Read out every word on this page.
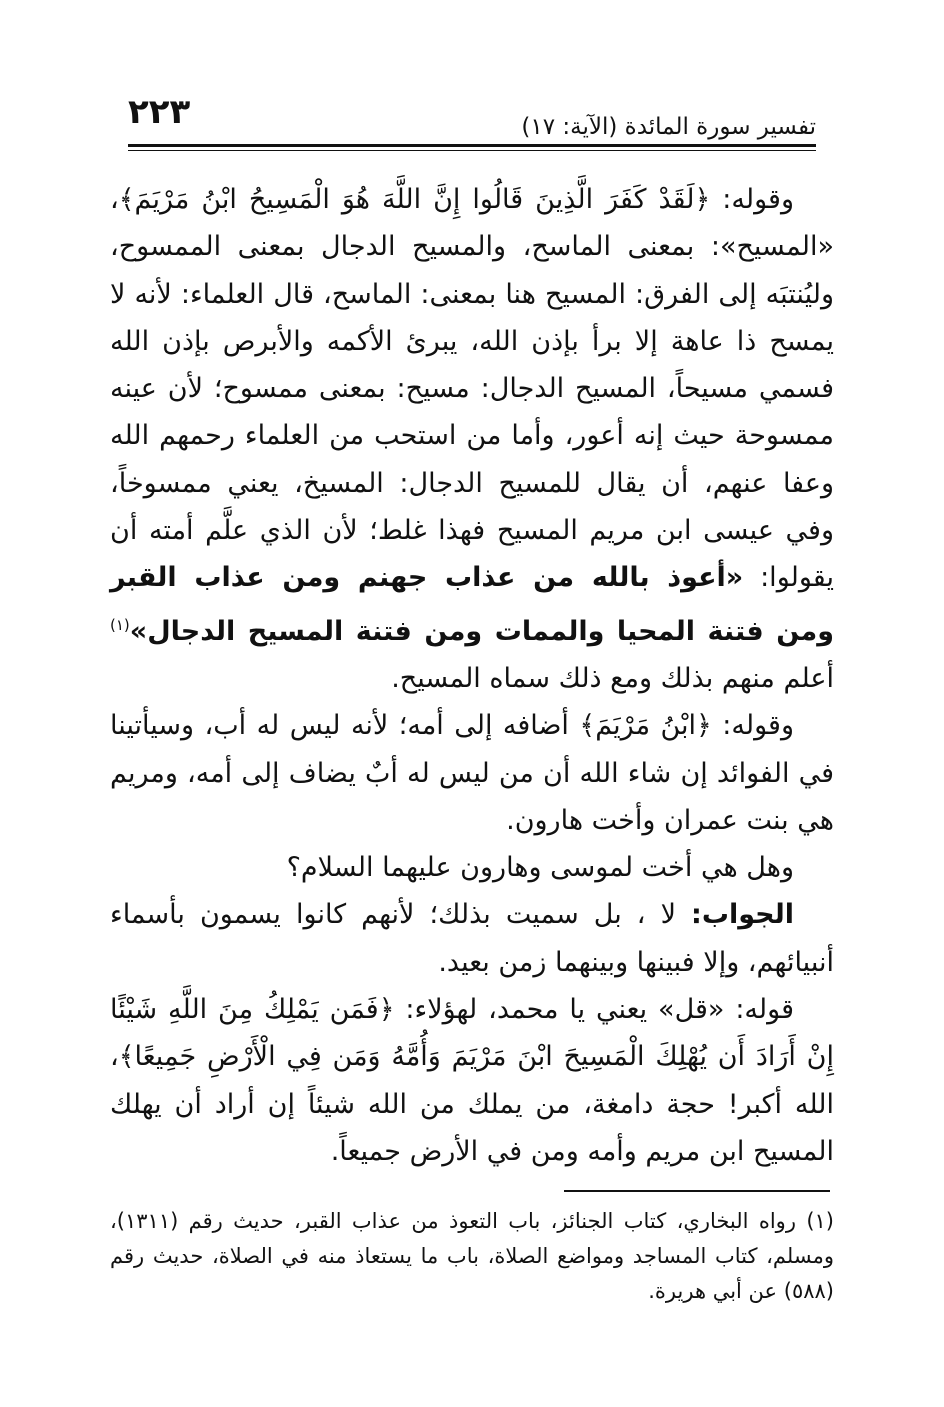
تفسير سورة المائدة (الآية: ١٧)
٢٢٣

وقوله: ﴿لَقَدْ كَفَرَ الَّذِينَ قَالُوا إِنَّ اللَّهَ هُوَ الْمَسِيحُ ابْنُ مَرْيَمَ﴾، «المسيح»: بمعنى الماسح، والمسيح الدجال بمعنى الممسوح، وليُنتبَه إلى الفرق: المسيح هنا بمعنى: الماسح، قال العلماء: لأنه لا يمسح ذا عاهة إلا برأ بإذن الله، يبرئ الأكمه والأبرص بإذن الله فسمي مسيحاً، المسيح الدجال: مسيح: بمعنى ممسوح؛ لأن عينه ممسوحة حيث إنه أعور، وأما من استحب من العلماء رحمهم الله وعفا عنهم، أن يقال للمسيح الدجال: المسيخ، يعني ممسوخاً، وفي عيسى ابن مريم المسيح فهذا غلط؛ لأن الذي علَّم أمته أن يقولوا: «أعوذ بالله من عذاب جهنم ومن عذاب القبر ومن فتنة المحيا والممات ومن فتنة المسيح الدجال»$^{(١)}$ أعلم منهم بذلك ومع ذلك سماه المسيح.

وقوله: ﴿ابْنُ مَرْيَمَ﴾ أضافه إلى أمه؛ لأنه ليس له أب، وسيأتينا في الفوائد إن شاء الله أن من ليس له أبٌ يضاف إلى أمه، ومريم هي بنت عمران وأخت هارون.

وهل هي أخت لموسى وهارون عليهما السلام؟

الجواب: لا ، بل سميت بذلك؛ لأنهم كانوا يسمون بأسماء أنبيائهم، وإلا فبينها وبينهما زمن بعيد.

قوله: «قل» يعني يا محمد، لهؤلاء: ﴿فَمَن يَمْلِكُ مِنَ اللَّهِ شَيْئًا إِنْ أَرَادَ أَن يُهْلِكَ الْمَسِيحَ ابْنَ مَرْيَمَ وَأُمَّهُ وَمَن فِي الْأَرْضِ جَمِيعًا﴾، الله أكبر! حجة دامغة، من يملك من الله شيئاً إن أراد أن يهلك المسيح ابن مريم وأمه ومن في الأرض جميعاً.

(١) رواه البخاري، كتاب الجنائز، باب التعوذ من عذاب القبر، حديث رقم (١٣١١)، ومسلم، كتاب المساجد ومواضع الصلاة، باب ما يستعاذ منه في الصلاة، حديث رقم (٥٨٨) عن أبي هريرة.
